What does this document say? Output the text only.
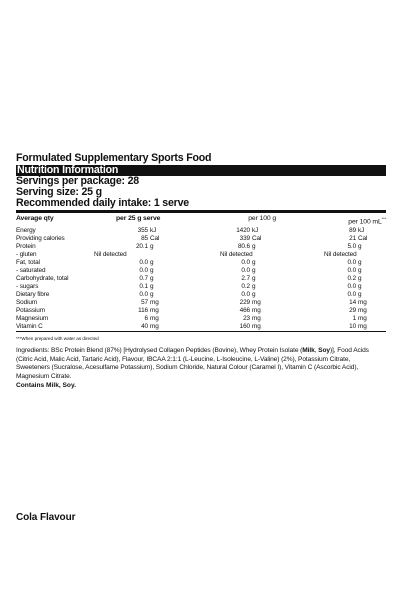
Formulated Supplementary Sports Food
Nutrition Information
Servings per package: 28
Serving size: 25 g
Recommended daily intake: 1 serve
Average qty	per 25 g serve		per 100 g		per 100 mL***
Energy	355	kJ	1420	kJ	89	kJ
Providing calories	85	Cal	339	Cal	21	Cal
Protein	20.1	g	80.6	g	5.0	g
- gluten	Nil detected		Nil detected		Nil detected	
Fat, total	0.0	g	0.0	g	0.0	g
- saturated	0.0	g	0.0	g	0.0	g
Carbohydrate, total	0.7	g	2.7	g	0.2	g
- sugars	0.1	g	0.2	g	0.0	g
Dietary fibre	0.0	g	0.0	g	0.0	g
Sodium	57	mg	229	mg	14	mg
Potassium	116	mg	466	mg	29	mg
Magnesium	6	mg	23	mg	1	mg
Vitamin C	40	mg	160	mg	10	mg
***When prepared with water as directed
Ingredients: BSc Protein Blend (87%) [Hydrolysed Collagen Peptides (Bovine), Whey Protein Isolate (Milk, Soy)], Food Acids (Citric Acid, Malic Acid, Tartaric Acid), Flavour, IBCAA 2:1:1 (L-Leucine, L-Isoleucine, L-Valine) (2%), Potassium Citrate, Sweeteners (Sucralose, Acesulfame Potassium), Sodium Chloride, Natural Colour (Caramel I), Vitamin C (Ascorbic Acid), Magnesium Citrate.
Contains Milk, Soy.
Cola Flavour
